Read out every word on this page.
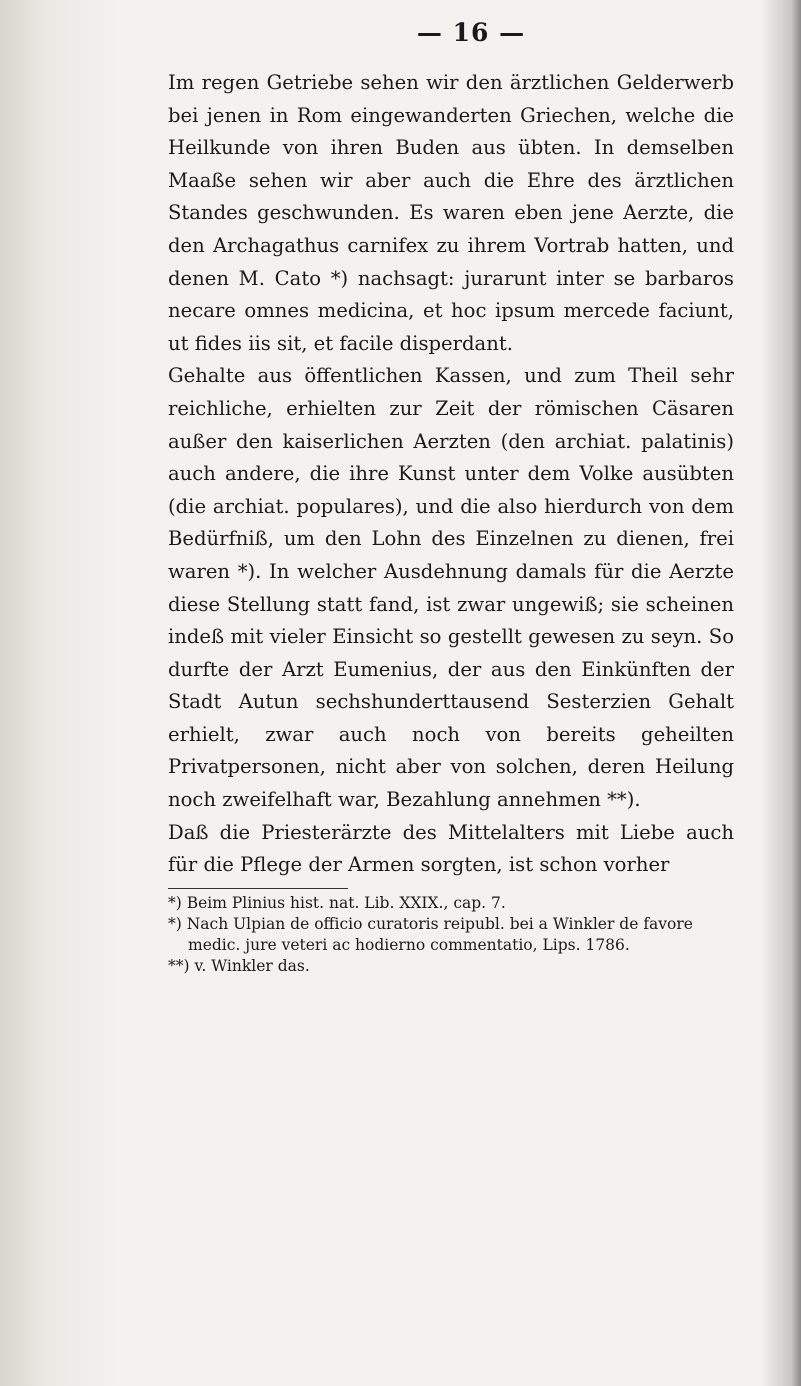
— 16 —

Im regen Getriebe sehen wir den ärztlichen Gelderwerb bei jenen in Rom eingewanderten Griechen, welche die Heilkunde von ihren Buden aus übten. In demselben Maaße sehen wir aber auch die Ehre des ärztlichen Standes geschwunden. Es waren eben jene Aerzte, die den Archagathus carnifex zu ihrem Vortrab hatten, und denen M. Cato *) nachsagt: jurarunt inter se barbaros necare omnes medicina, et hoc ipsum mercede faciunt, ut fides iis sit, et facile disperdant.

Gehalte aus öffentlichen Kassen, und zum Theil sehr reichliche, erhielten zur Zeit der römischen Cäsaren außer den kaiserlichen Aerzten (den archiat. palatinis) auch andere, die ihre Kunst unter dem Volke ausübten (die archiat. populares), und die also hierdurch von dem Bedürfniß, um den Lohn des Einzelnen zu dienen, frei waren *). In welcher Ausdehnung damals für die Aerzte diese Stellung statt fand, ist zwar ungewiß; sie scheinen indeß mit vieler Einsicht so gestellt gewesen zu seyn. So durfte der Arzt Eumenius, der aus den Einkünften der Stadt Autun sechshunderttausend Sesterzien Gehalt erhielt, zwar auch noch von bereits geheilten Privatpersonen, nicht aber von solchen, deren Heilung noch zweifelhaft war, Bezahlung annehmen **).

Daß die Priesterärzte des Mittelalters mit Liebe auch für die Pflege der Armen sorgten, ist schon vorher

*) Beim Plinius hist. nat. Lib. XXIX., cap. 7.

*) Nach Ulpian de officio curatoris reipubl. bei a Winkler de favore medic. jure veteri ac hodierno commentatio, Lips. 1786.

**) v. Winkler das.
